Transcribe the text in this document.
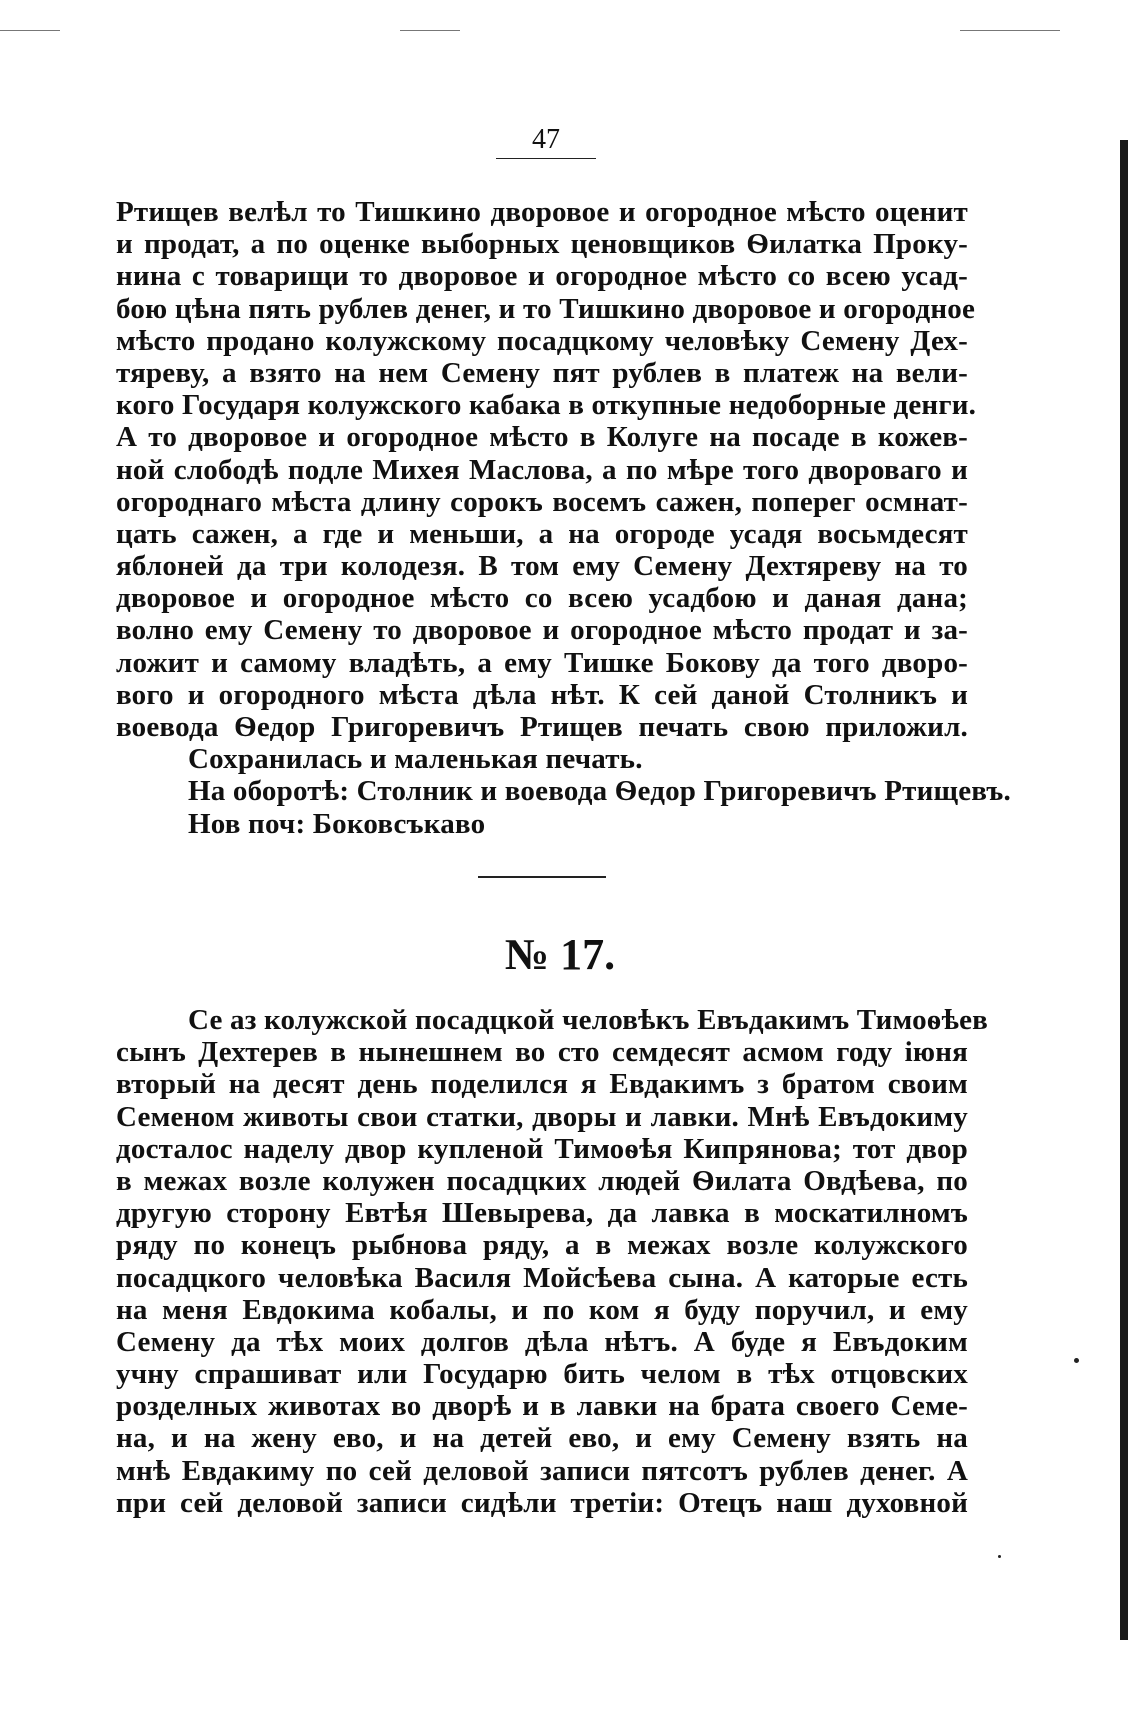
47
Ртищев велѣл то Тишкино дворовое и огородное мѣсто оценит
и продат, а по оценке выборных ценовщиков Ѳилатка Проку-
нина с товарищи то дворовое и огородное мѣсто со всею усад-
бою цѣна пять рублев денег, и то Тишкино дворовое и огородное
мѣсто продано колужскому посадцкому человѣку Семену Дех-
тяреву, а взято на нем Семену пят рублев в платеж на вели-
кого Государя колужского кабака в откупные недоборные денги.
А то дворовое и огородное мѣсто в Колуге на посаде в кожев-
ной слободѣ подле Михея Маслова, а по мѣре того двороваго и
огороднаго мѣста длину сорокъ восемъ сажен, поперег осмнат-
цать сажен, а где и меньши, а на огороде усадя восьмдесят
яблоней да три колодезя. В том ему Семену Дехтяреву на то
дворовое и огородное мѣсто со всею усадбою и даная дана;
волно ему Семену то дворовое и огородное мѣсто продат и за-
ложит и самому владѣть, а ему Тишке Бокову да того дворо-
вого и огородного мѣста дѣла нѣт. К сей даной Столникъ и
воевода Ѳедор Григоревичъ Ртищев печать свою приложил.
Сохранилась и маленькая печать.
На оборотѣ: Столник и воевода Ѳедор Григоревичъ Ртищевъ.
Нов поч: Боковсъкаво
№ 17.
Се аз колужской посадцкой человѣкъ Евъдакимъ Тимоѳѣев
сынъ Дехтерев в нынешнем во сто семдесят асмом году іюня
вторый на десят день поделился я Евдакимъ з братом своим
Семеном животы свои статки, дворы и лавки. Мнѣ Евъдокиму
досталос наделу двор купленой Тимоѳѣя Кипрянова; тот двор
в межах возле колужен посадцких людей Ѳилата Овдѣева, по
другую сторону Евтѣя Шевырева, да лавка в москатилномъ
ряду по конецъ рыбнова ряду, а в межах возле колужского
посадцкого человѣка Василя Мойсѣева сына. А каторые есть
на меня Евдокима кобалы, и по ком я буду поручил, и ему
Семену да тѣх моих долгов дѣла нѣтъ. А буде я Евъдоким
учну спрашиват или Государю бить челом в тѣх отцовских
розделных животах во дворѣ и в лавки на брата своего Семе-
на, и на жену ево, и на детей ево, и ему Семену взять на
мнѣ Евдакиму по сей деловой записи пятсотъ рублев денег. А
при сей деловой записи сидѣли третіи: Отецъ наш духовной
